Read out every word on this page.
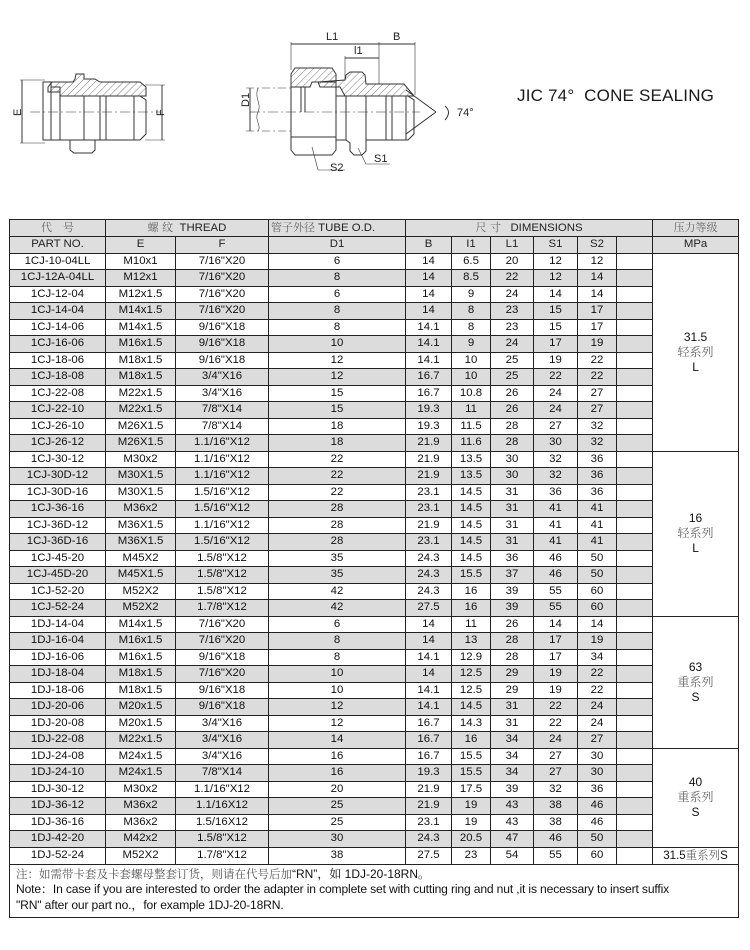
E	F
L1
l1
B
D1
S2
S1
74°
JIC 74°  CONE SEALING
代　号	螺 纹 THREAD		管子外径 TUBE O.D.	尺 寸 DIMENSIONS						压力等级
PART NO.	E	F	D1	B	I1	L1	S1	S2		MPa
1CJ-10-04LL	M10x1	7/16"X20	6	14	6.5	20	12	12		31.5
轻系列
L

1CJ-12A-04LL	M12x1	7/16"X20	8	14	8.5	22	12	14		
1CJ-12-04	M12x1.5	7/16"X20	6	14	9	24	14	14		
1CJ-14-04	M14x1.5	7/16"X20	8	14	8	23	15	17		
1CJ-14-06	M14x1.5	9/16"X18	8	14.1	8	23	15	17		
1CJ-16-06	M16x1.5	9/16"X18	10	14.1	9	24	17	19		
1CJ-18-06	M18x1.5	9/16"X18	12	14.1	10	25	19	22		
1CJ-18-08	M18x1.5	3/4"X16	12	16.7	10	25	22	22		
1CJ-22-08	M22x1.5	3/4"X16	15	16.7	10.8	26	24	27		
1CJ-22-10	M22x1.5	7/8"X14	15	19.3	11	26	24	27		
1CJ-26-10	M26X1.5	7/8"X14	18	19.3	11.5	28	27	32		
1CJ-26-12	M26X1.5	1.1/16"X12	18	21.9	11.6	28	30	32		
1CJ-30-12	M30x2	1.1/16"X12	22	21.9	13.5	30	32	36		16
轻系列
L

1CJ-30D-12	M30X1.5	1.1/16"X12	22	21.9	13.5	30	32	36		
1CJ-30D-16	M30X1.5	1.5/16"X12	22	23.1	14.5	31	36	36		
1CJ-36-16	M36x2	1.5/16"X12	28	23.1	14.5	31	41	41		
1CJ-36D-12	M36X1.5	1.1/16"X12	28	21.9	14.5	31	41	41		
1CJ-36D-16	M36X1.5	1.5/16"X12	28	23.1	14.5	31	41	41		
1CJ-45-20	M45X2	1.5/8"X12	35	24.3	14.5	36	46	50		
1CJ-45D-20	M45X1.5	1.5/8"X12	35	24.3	15.5	37	46	50		
1CJ-52-20	M52X2	1.5/8"X12	42	24.3	16	39	55	60		
1CJ-52-24	M52X2	1.7/8"X12	42	27.5	16	39	55	60		
1DJ-14-04	M14x1.5	7/16"X20	6	14	11	26	14	14		63
重系列
S

1DJ-16-04	M16x1.5	7/16"X20	8	14	13	28	17	19		
1DJ-16-06	M16x1.5	9/16"X18	8	14.1	12.9	28	17	34		
1DJ-18-04	M18x1.5	7/16"X20	10	14	12.5	29	19	22		
1DJ-18-06	M18x1.5	9/16"X18	10	14.1	12.5	29	19	22		
1DJ-20-06	M20x1.5	9/16"X18	12	14.1	14.5	31	22	24		
1DJ-20-08	M20x1.5	3/4"X16	12	16.7	14.3	31	22	24		
1DJ-22-08	M22x1.5	3/4"X16	14	16.7	16	34	24	27		
1DJ-24-08	M24x1.5	3/4"X16	16	16.7	15.5	34	27	30		40
重系列
S

1DJ-24-10	M24x1.5	7/8"X14	16	19.3	15.5	34	27	30		
1DJ-30-12	M30x2	1.1/16"X12	20	21.9	17.5	39	32	36		
1DJ-36-12	M36x2	1.1/16X12	25	21.9	19	43	38	46		
1DJ-36-16	M36x2	1.5/16X12	25	23.1	19	43	38	46		
1DJ-42-20	M42x2	1.5/8"X12	30	24.3	20.5	47	46	50		
1DJ-52-24	M52X2	1.7/8"X12	38	27.5	23	54	55	60		31.5重系列S

注：如需带卡套及卡套螺母整套订货，则请在代号后加“RN”，如 1DJ-20-18RN。
Note：In case if you are interested to order the adapter in complete set with cutting ring and nut ,it is necessary to insert suffix
"RN" after our part no.，for example 1DJ-20-18RN.										
